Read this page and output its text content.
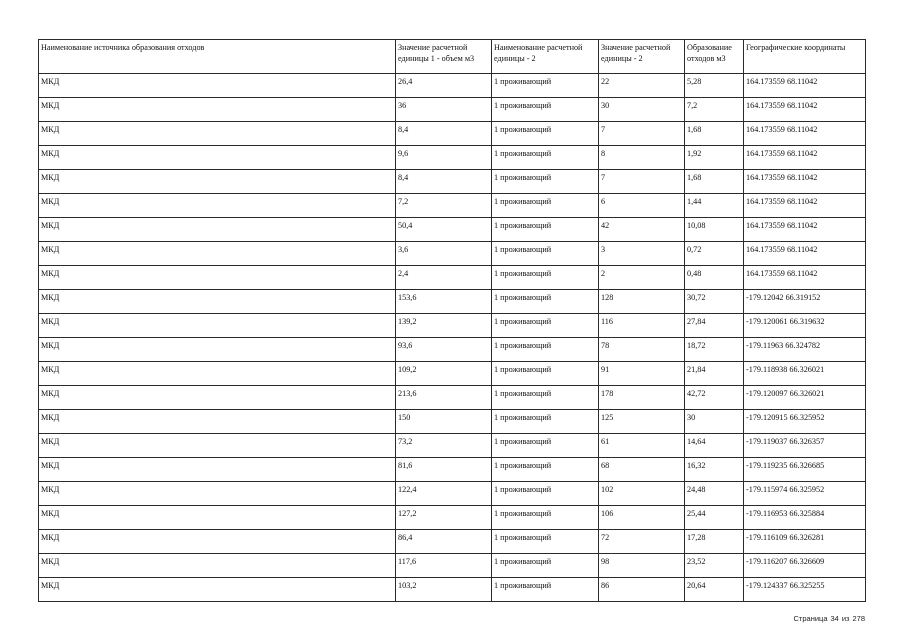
Наименование источника образования отходов	Значение расчетной единицы 1 - объем м3	Наименование расчетной единицы - 2	Значение расчетной единицы - 2	Образование отходов м3	Географические координаты
МКД	26,4	1 проживающий	22	5,28	164.173559 68.11042
МКД	36	1 проживающий	30	7,2	164.173559 68.11042
МКД	8,4	1 проживающий	7	1,68	164.173559 68.11042
МКД	9,6	1 проживающий	8	1,92	164.173559 68.11042
МКД	8,4	1 проживающий	7	1,68	164.173559 68.11042
МКД	7,2	1 проживающий	6	1,44	164.173559 68.11042
МКД	50,4	1 проживающий	42	10,08	164.173559 68.11042
МКД	3,6	1 проживающий	3	0,72	164.173559 68.11042
МКД	2,4	1 проживающий	2	0,48	164.173559 68.11042
МКД	153,6	1 проживающий	128	30,72	-179.12042 66.319152
МКД	139,2	1 проживающий	116	27,84	-179.120061 66.319632
МКД	93,6	1 проживающий	78	18,72	-179.11963 66.324782
МКД	109,2	1 проживающий	91	21,84	-179.118938 66.326021
МКД	213,6	1 проживающий	178	42,72	-179.120097 66.326021
МКД	150	1 проживающий	125	30	-179.120915 66.325952
МКД	73,2	1 проживающий	61	14,64	-179.119037 66.326357
МКД	81,6	1 проживающий	68	16,32	-179.119235 66.326685
МКД	122,4	1 проживающий	102	24,48	-179.115974 66.325952
МКД	127,2	1 проживающий	106	25,44	-179.116953 66.325884
МКД	86,4	1 проживающий	72	17,28	-179.116109 66.326281
МКД	117,6	1 проживающий	98	23,52	-179.116207 66.326609
МКД	103,2	1 проживающий	86	20,64	-179.124337 66.325255
Страница 34 из 278
